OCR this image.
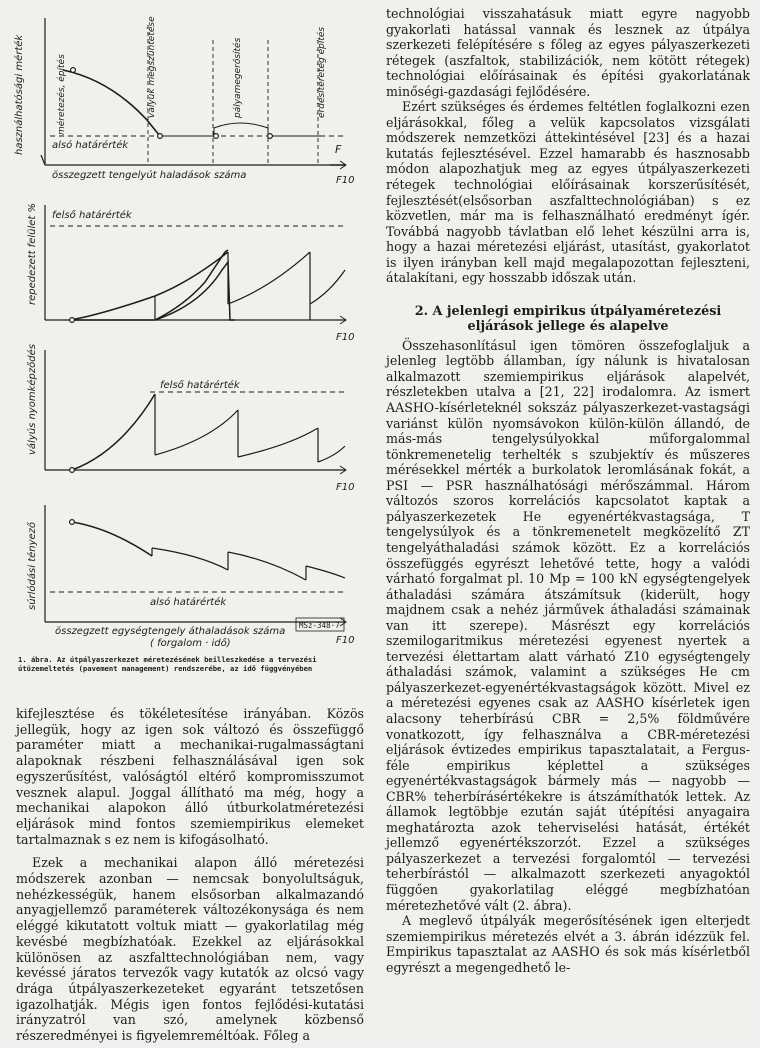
használhatósági mérték	méretezés, építés	vályuk megszüntetése	pályamegerősítés	érdesítéretég építés
alsó határérték	F
összegzett tengelyút haladások száma	F10
repedezett felület % felső határérték
F10
vályús nyomképződés	felső határérték
F10
súrlódási tényező	alsó határérték
összegzett egységtengely áthaladások száma
( forgalom · idő)	F10
MSz-348·7
1. ábra. Az útpályaszerkezet méretezésének beilleszkedése a tervezési útüzemeltetés (pavement management) rendszerébe, az idő függvényében

kifejlesztése és tökéletesítése irányában. Közös jellegük, hogy az igen sok változó és összefüggő paraméter miatt a mechanikai-rugalmasságtani alapoknak részbeni felhasználásával igen sok egyszerűsítést, valóságtól eltérő kompromisszumot vesznek alapul. Joggal állítható ma még, hogy a mechanikai alapokon álló útburkolatméretezési eljárások mind fontos szemiempirikus elemeket tartalmaznak s ez nem is kifogásolható.

Ezek a mechanikai alapon álló méretezési módszerek azonban — nemcsak bonyolultságuk, nehézkességük, hanem elsősorban alkalmazandó anyagjellemző paraméterek változékonysága és nem eléggé kikutatott voltuk miatt — gyakorlatilag még kevésbé megbízhatóak. Ezekkel az eljárásokkal különösen az aszfalttechnológiában nem, vagy kevéssé járatos tervezők vagy kutatók az olcsó vagy drága útpályaszerkezeteket egyaránt tetszetősen igazolhatják. Mégis igen fontos fejlődési-kutatási irányzatról van szó, amelynek közbenső részeredményei is figyelemreméltóak. Főleg a

technológiai visszahatásuk miatt egyre nagyobb gyakorlati hatással vannak és lesznek az útpálya szerkezeti felépítésére s főleg az egyes pályaszerkezeti rétegek (aszfaltok, stabilizációk, nem kötött rétegek) technológiai előírásainak és építési gyakorlatának minőségi-gazdasági fejlődésére.

Ezért szükséges és érdemes feltétlen foglalkozni ezen eljárásokkal, főleg a velük kapcsolatos vizsgálati módszerek nemzetközi áttekintésével [23] és a hazai kutatás fejlesztésével. Ezzel hamarabb és hasznosabb módon alapozhatjuk meg az egyes útpályaszerkezeti rétegek technológiai előírásainak korszerűsítését, fejlesztését(elsősorban aszfalttechnológiában) s ez közvetlen, már ma is felhasználható eredményt ígér. Továbbá nagyobb távlatban elő lehet készülni arra is, hogy a hazai méretezési eljárást, utasítást, gyakorlatot is ilyen irányban kell majd megalapozottan fejleszteni, átalakítani, egy hosszabb időszak után.

2. A jelenlegi empirikus útpályaméretezési eljárások jellege és alapelve

Összehasonlításul igen tömören összefoglaljuk a jelenleg legtöbb államban, így nálunk is hivatalosan alkalmazott szemiempirikus eljárások alapelvét, részletekben utalva a [21, 22] irodalomra. Az ismert AASHO-kísérleteknél sokszáz pályaszerkezet-vastagsági variánst külön nyomsávokon külön-külön állandó, de más-más tengelysúlyokkal műforgalommal tönkremenetelig terhelték s szubjektív és műszeres mérésekkel mérték a burkolatok leromlásának fokát, a PSI — PSR használhatósági mérőszámmal. Három változós szoros korrelációs kapcsolatot kaptak a pályaszerkezetek He egyenértékvastagsága, T tengelysúlyok és a tönkremenetelt megközelítő ZT tengelyáthaladási számok között. Ez a korrelációs összefüggés egyrészt lehetővé tette, hogy a valódi várható forgalmat pl. 10 Mp = 100 kN egységtengelyek áthaladási számára átszámítsuk (kiderült, hogy majdnem csak a nehéz járművek áthaladási számainak van itt szerepe). Másrészt egy korrelációs szemilogaritmikus méretezési egyenest nyertek a tervezési élettartam alatt várható Z10 egységtengely áthaladási számok, valamint a szükséges He cm pályaszerkezet-egyenértékvastagságok között. Mivel ez a méretezési egyenes csak az AASHO kísérletek igen alacsony teherbírású CBR = 2,5% földművére vonatkozott, így felhasználva a CBR-méretezési eljárások évtizedes empirikus tapasztalatait, a Fergus-féle empirikus képlettel a szükséges egyenértékvastagságok bármely más — nagyobb — CBR% teherbírásértékekre is átszámíthatók lettek. Az államok legtöbbje ezután saját útépítési anyagaira meghatározta azok teherviselési hatását, értékét jellemző egyenértékszorzót. Ezzel a szükséges pályaszerkezet a tervezési forgalomtól — tervezési teherbírástól — alkalmazott szerkezeti anyagoktól függően gyakorlatilag eléggé megbízhatóan méretezhetővé vált (2. ábra).

A meglevő útpályák megerősítésének igen elterjedt szemiempirikus méretezés elvét a 3. ábrán idézzük fel. Empirikus tapasztalat az AASHO és sok más kísérletből egyrészt a megengedhető le-
